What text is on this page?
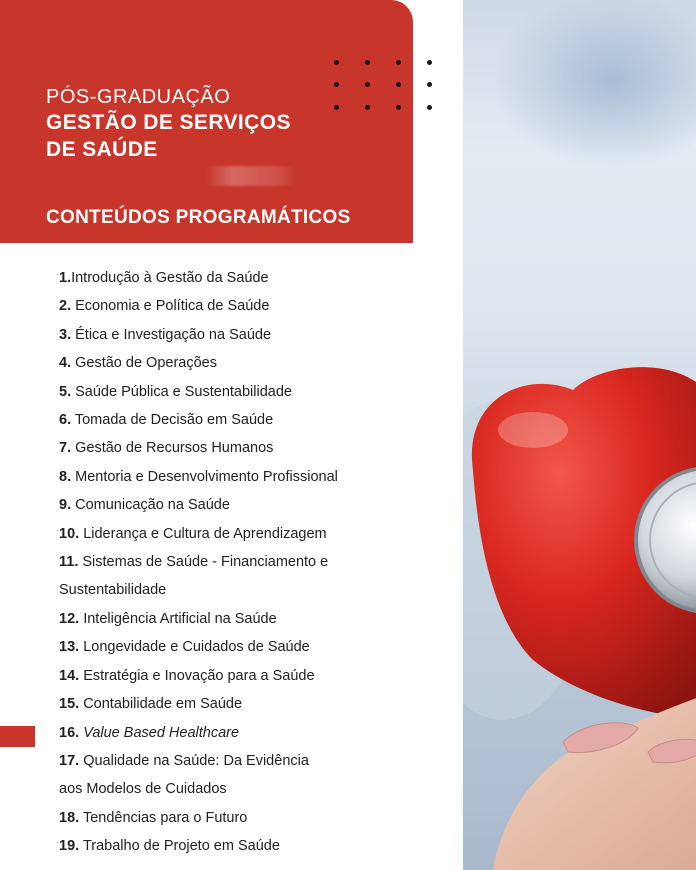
PÓS-GRADUAÇÃO
GESTÃO DE SERVIÇOS
DE SAÚDE
CONTEÚDOS PROGRAMÁTICOS
1.Introdução à Gestão da Saúde
2. Economia e Política de Saúde
3. Ética e Investigação na Saúde
4. Gestão de Operações
5. Saúde Pública e Sustentabilidade
6. Tomada de Decisão em Saúde
7. Gestão de Recursos Humanos
8. Mentoria e Desenvolvimento Profissional
9. Comunicação na Saúde
10. Liderança e Cultura de Aprendizagem
11. Sistemas de Saúde - Financiamento e
Sustentabilidade
12. Inteligência Artificial na Saúde
13. Longevidade e Cuidados de Saúde
14. Estratégia e Inovação para a Saúde
15. Contabilidade em Saúde
16. Value Based Healthcare
17. Qualidade na Saúde: Da Evidência
aos Modelos de Cuidados
18. Tendências para o Futuro
19. Trabalho de Projeto em Saúde
